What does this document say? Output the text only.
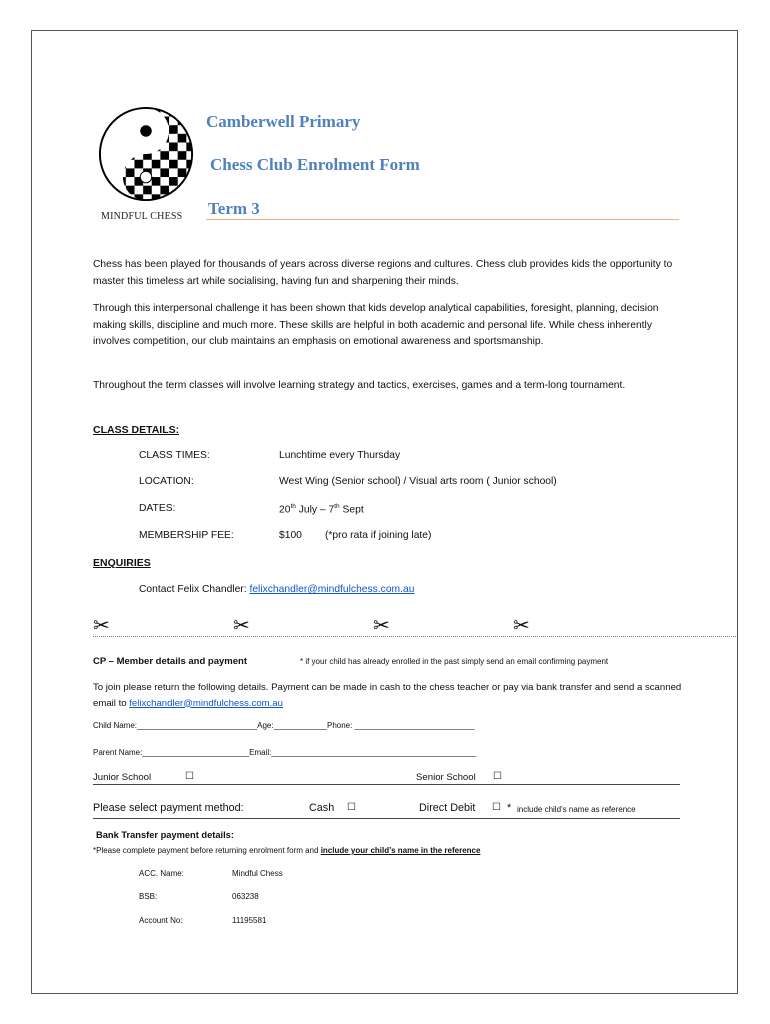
MINDFUL CHESS
Camberwell Primary
Chess Club Enrolment Form
Term 3
Chess has been played for thousands of years across diverse regions and cultures. Chess club provides kids the opportunity to master this timeless art while socialising, having fun and sharpening their minds.
Through this interpersonal challenge it has been shown that kids develop analytical capabilities, foresight, planning, decision making skills, discipline and much more. These skills are helpful in both academic and personal life. While chess inherently involves competition, our club maintains an emphasis on emotional awareness and sportsmanship.
Throughout the term classes will involve learning strategy and tactics, exercises, games and a term-long tournament.
CLASS DETAILS:
CLASS TIMES:	Lunchtime every Thursday
LOCATION:	West Wing (Senior school) / Visual arts room ( Junior school)
DATES:	20th July – 7th Sept
MEMBERSHIP FEE:	$100 (*pro rata if joining late)
ENQUIRIES
Contact Felix Chandler: felixchandler@mindfulchess.com.au
✂	✂	✂	✂
CP – Member details and payment	* if your child has already enrolled in the past simply send an email confirming payment
To join please return the following details. Payment can be made in cash to the chess teacher or pay via bank transfer and send a scanned email to felixchandler@mindfulchess.com.au
Child Name:___________________________Age:____________Phone: ___________________________
Parent Name:________________________Email:______________________________________________
Junior School	☐	Senior School ☐
Please select payment method:	Cash ☐	Direct Debit ☐ * include child’s name as reference
Bank Transfer payment details:
*Please complete payment before returning enrolment form and include your child’s name in the reference
ACC. Name:	Mindful Chess
BSB:	063238
Account No:	11195581
